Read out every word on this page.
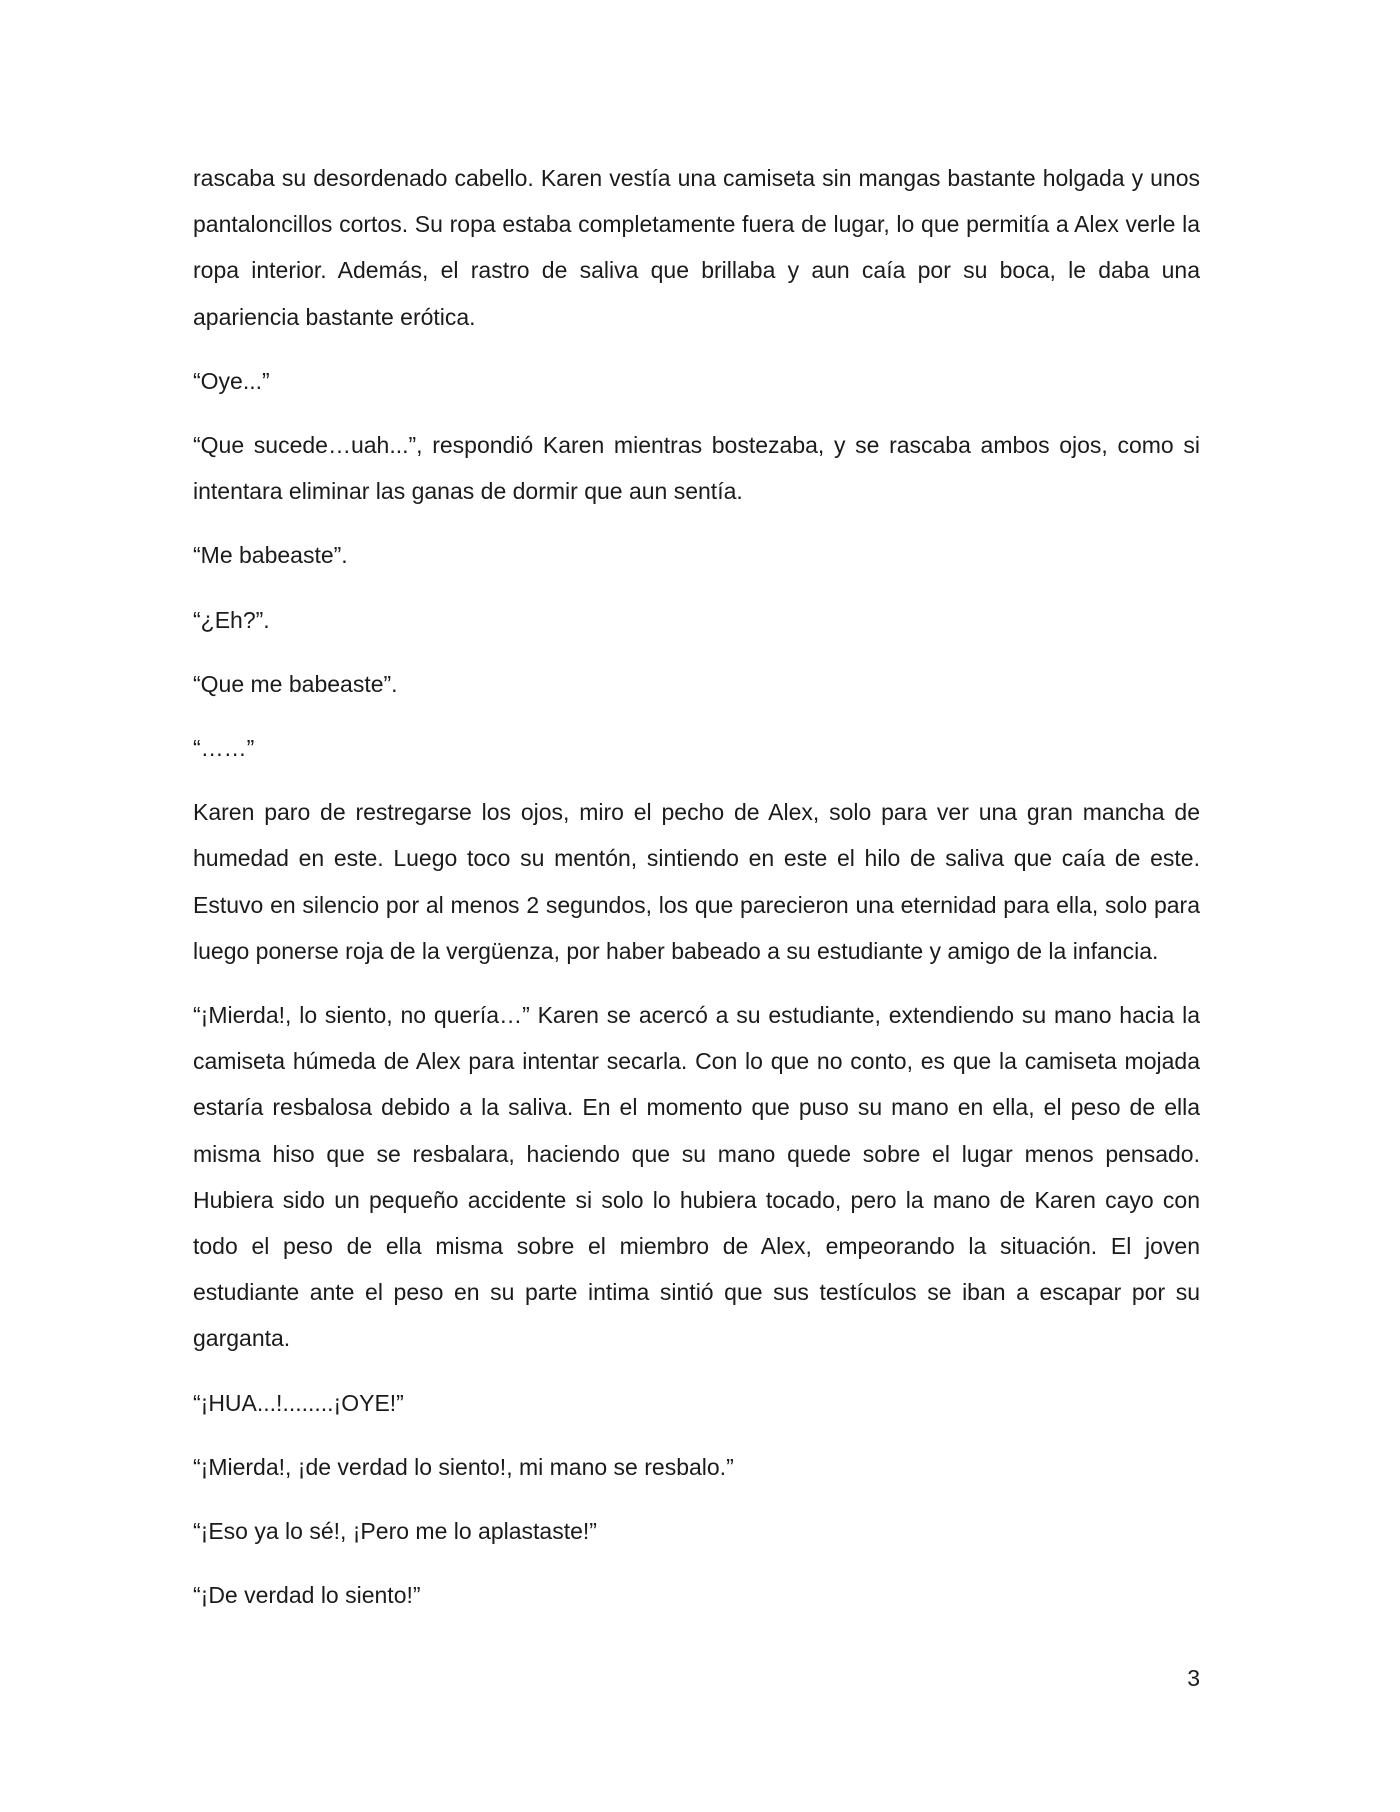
rascaba su desordenado cabello. Karen vestía una camiseta sin mangas bastante holgada y unos pantaloncillos cortos. Su ropa estaba completamente fuera de lugar, lo que permitía a Alex verle la ropa interior. Además, el rastro de saliva que brillaba y aun caía por su boca, le daba una apariencia bastante erótica.

“Oye...”

“Que sucede…uah...”, respondió Karen mientras bostezaba, y se rascaba ambos ojos, como si intentara eliminar las ganas de dormir que aun sentía.

“Me babeaste”.

“¿Eh?”.

“Que me babeaste”.

“……”

Karen paro de restregarse los ojos, miro el pecho de Alex, solo para ver una gran mancha de humedad en este. Luego toco su mentón, sintiendo en este el hilo de saliva que caía de este. Estuvo en silencio por al menos 2 segundos, los que parecieron una eternidad para ella, solo para luego ponerse roja de la vergüenza, por haber babeado a su estudiante y amigo de la infancia.

“¡Mierda!, lo siento, no quería…” Karen se acercó a su estudiante, extendiendo su mano hacia la camiseta húmeda de Alex para intentar secarla. Con lo que no conto, es que la camiseta mojada estaría resbalosa debido a la saliva. En el momento que puso su mano en ella, el peso de ella misma hiso que se resbalara, haciendo que su mano quede sobre el lugar menos pensado. Hubiera sido un pequeño accidente si solo lo hubiera tocado, pero la mano de Karen cayo con todo el peso de ella misma sobre el miembro de Alex, empeorando la situación. El joven estudiante ante el peso en su parte intima sintió que sus testículos se iban a escapar por su garganta.

“¡HUA...!........¡OYE!”

“¡Mierda!, ¡de verdad lo siento!, mi mano se resbalo.”

“¡Eso ya lo sé!, ¡Pero me lo aplastaste!”

“¡De verdad lo siento!”

3
